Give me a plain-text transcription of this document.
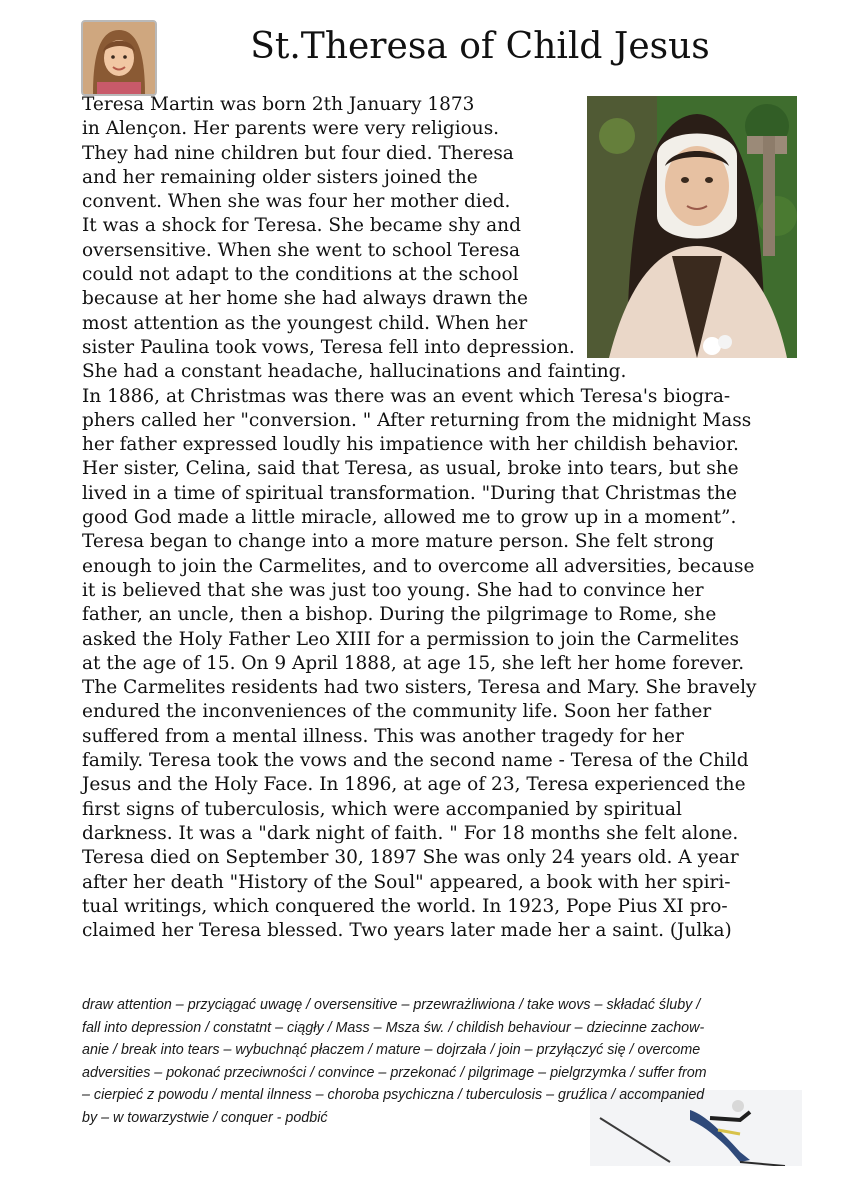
St.Theresa of Child Jesus
Teresa Martin was born 2th January 1873
in Alençon. Her parents were very religious.
They had nine children but four died. Theresa
and her remaining older sisters joined the
convent. When she was four her mother died.
It was a shock for Teresa. She became shy and
oversensitive. When she went to school Teresa
could not adapt to the conditions at the school
because at her home she had always drawn the
most attention as the youngest child. When her
sister Paulina took vows, Teresa fell into depression.
She had a constant headache, hallucinations and fainting.
In 1886, at Christmas was there was an event which Teresa's biogra-
phers called her "conversion. " After returning from the midnight Mass
her father expressed loudly his impatience with her childish behavior.
Her sister, Celina, said that Teresa, as usual, broke into tears, but she
lived in a time of spiritual transformation. "During that Christmas the
good God made a little miracle, allowed me to grow up in a moment”.
Teresa began to change into a more mature person. She felt strong
enough to join the Carmelites, and to overcome all adversities, because
it is believed that she was just too young. She had to convince her
father, an uncle, then a bishop. During the pilgrimage to Rome, she
asked the Holy Father Leo XIII for a permission to join the Carmelites
at the age of 15. On 9 April 1888, at age 15, she left her home forever.
The Carmelites residents had two sisters, Teresa and Mary. She bravely
endured the inconveniences of the community life. Soon her father
suffered from a mental illness. This was another tragedy for her
family. Teresa took the vows and the second name - Teresa of the Child
Jesus and the Holy Face. In 1896, at age of 23, Teresa experienced the
first signs of tuberculosis, which were accompanied by spiritual
darkness. It was a "dark night of faith. " For 18 months she felt alone.
Teresa died on September 30, 1897 She was only 24 years old. A year
after her death "History of the Soul" appeared, a book with her spiri-
tual writings, which conquered the world. In 1923, Pope Pius XI pro-
claimed her Teresa blessed. Two years later made her a saint. (Julka)
draw attention – przyciągać uwagę / oversensitive – przewrażliwiona / take wovs – składać śluby /
fall into depression / constatnt – ciągły / Mass – Msza św. / childish behaviour – dziecinne zachow-
anie / break into tears – wybuchnąć płaczem / mature – dojrzała / join – przyłączyć się / overcome
adversities – pokonać przeciwności / convince – przekonać / pilgrimage – pielgrzymka / suffer from
– cierpieć z powodu / mental ilnness – choroba psychiczna / tuberculosis – gruźlica / accompanied
by – w towarzystwie / conquer - podbić
